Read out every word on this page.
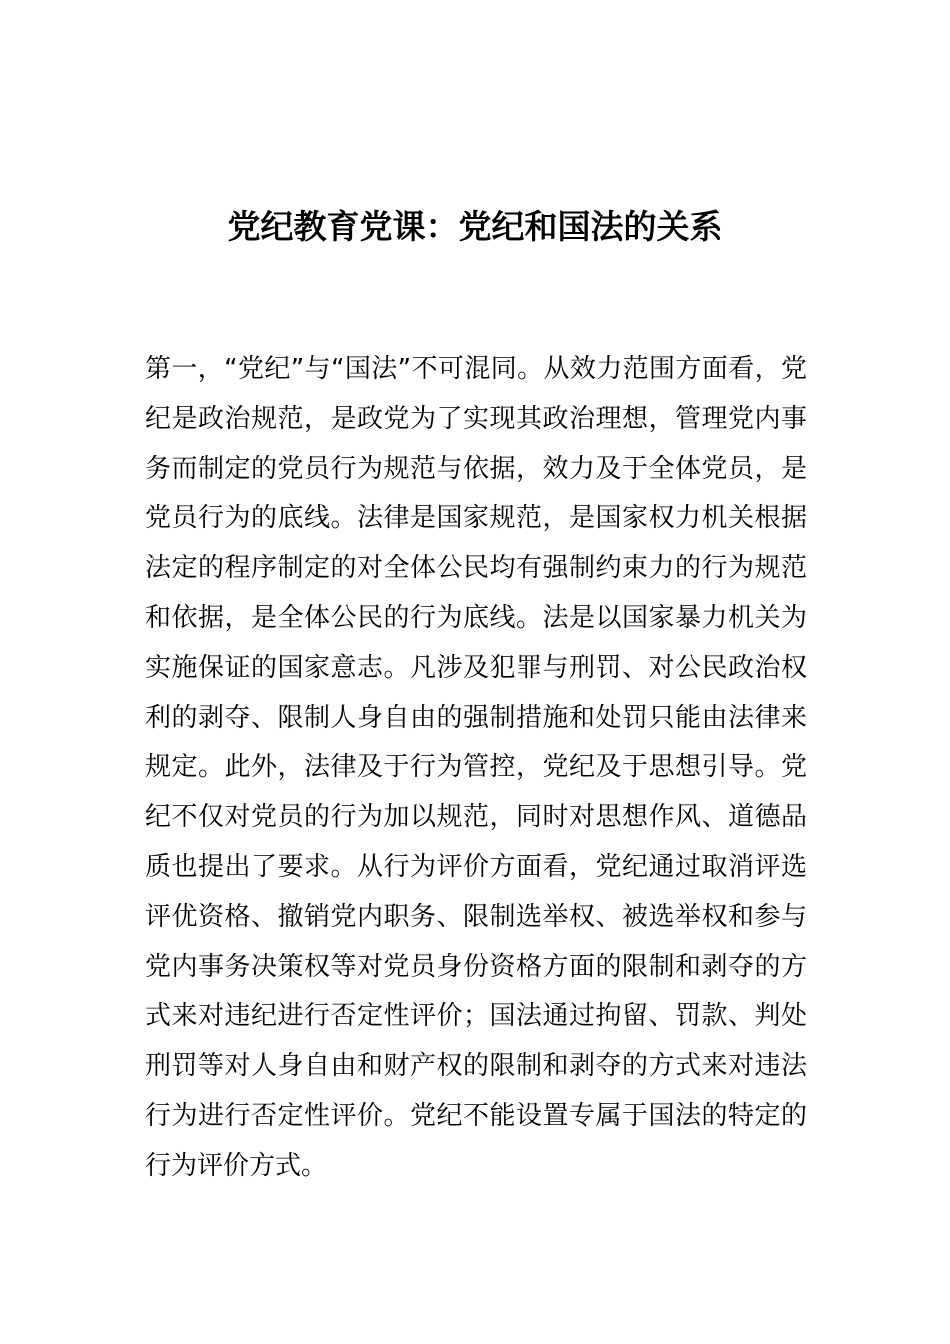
党纪教育党课：党纪和国法的关系
第一，“党纪”与“国法”不可混同。从效力范围方面看，党纪是政治规范，是政党为了实现其政治理想，管理党内事务而制定的党员行为规范与依据，效力及于全体党员，是党员行为的底线。法律是国家规范，是国家权力机关根据法定的程序制定的对全体公民均有强制约束力的行为规范和依据，是全体公民的行为底线。法是以国家暴力机关为实施保证的国家意志。凡涉及犯罪与刑罚、对公民政治权利的剥夺、限制人身自由的强制措施和处罚只能由法律来规定。此外，法律及于行为管控，党纪及于思想引导。党纪不仅对党员的行为加以规范，同时对思想作风、道德品质也提出了要求。从行为评价方面看，党纪通过取消评选评优资格、撤销党内职务、限制选举权、被选举权和参与党内事务决策权等对党员身份资格方面的限制和剥夺的方式来对违纪进行否定性评价；国法通过拘留、罚款、判处刑罚等对人身自由和财产权的限制和剥夺的方式来对违法行为进行否定性评价。党纪不能设置专属于国法的特定的行为评价方式。
